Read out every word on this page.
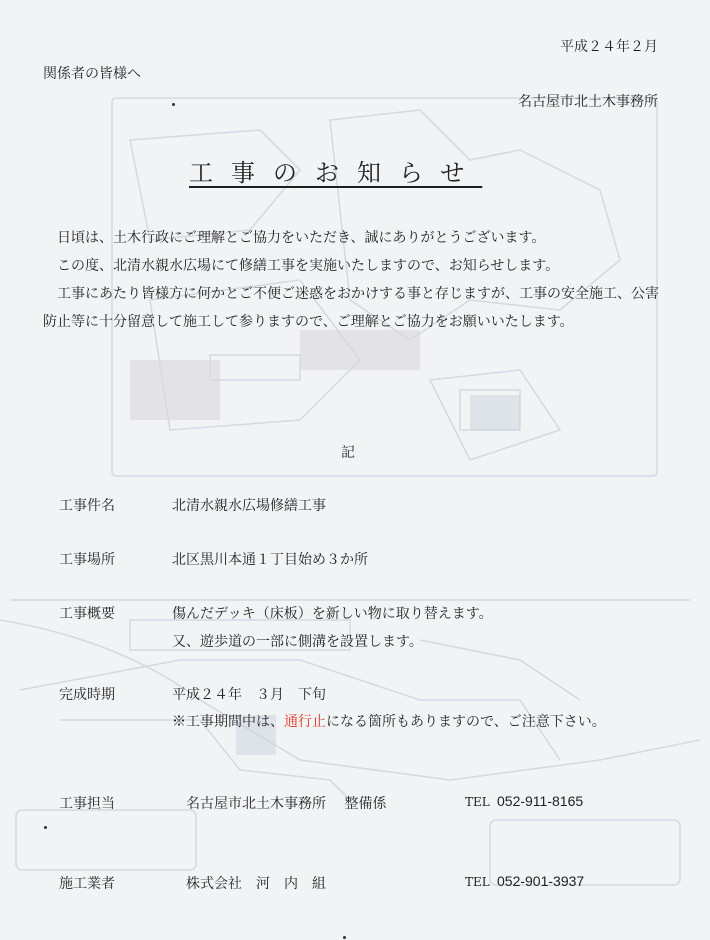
平成２４年２月
関係者の皆様へ
名古屋市北土木事務所
工事のお知らせ

日頃は、土木行政にご理解とご協力をいただき、誠にありがとうございます。

この度、北清水親水広場にて修繕工事を実施いたしますので、お知らせします。

工事にあたり皆様方に何かとご不便ご迷惑をおかけする事と存じますが、工事の安全施工、公害防止等に十分留意して施工して参りますので、ご理解とご協力をお願いいたします。

記
工事件名	北清水親水広場修繕工事
工事場所	北区黒川本通１丁目始め３か所
工事概要	傷んだデッキ（床板）を新しい物に取り替えます。
又、遊歩道の一部に側溝を設置します。
完成時期	平成２４年　３月　下旬
※工事期間中は、通行止になる箇所もありますので、ご注意下さい。
工事担当	名古屋市北土木事務所　 整備係	TEL 052-911-8165
施工業者	株式会社　河　内　組	TEL 052-901-3937
